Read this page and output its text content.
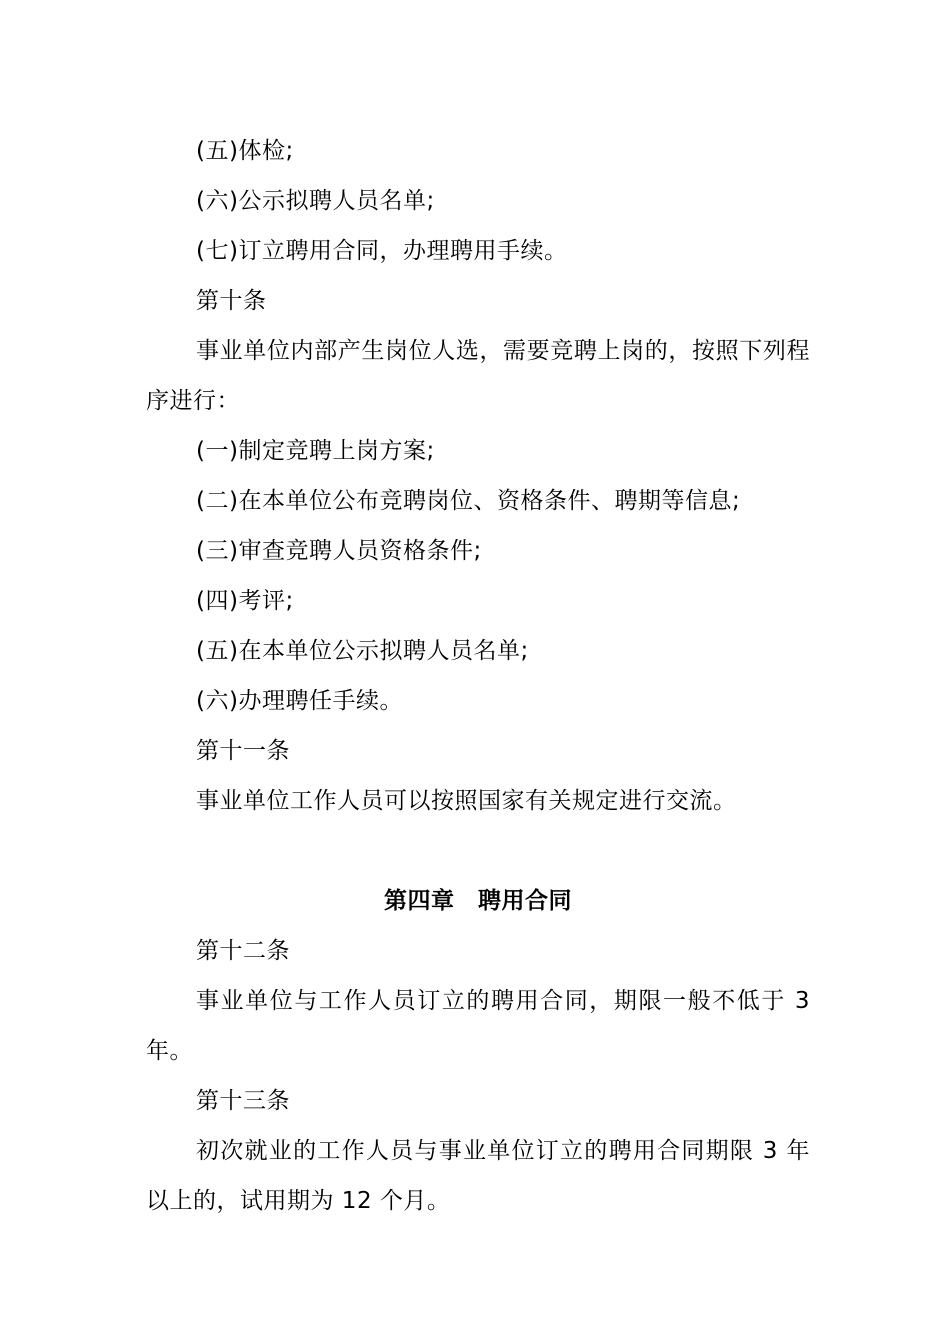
(五)体检;

(六)公示拟聘人员名单;

(七)订立聘用合同，办理聘用手续。

第十条

事业单位内部产生岗位人选，需要竞聘上岗的，按照下列程序进行：

(一)制定竞聘上岗方案;

(二)在本单位公布竞聘岗位、资格条件、聘期等信息;

(三)审查竞聘人员资格条件;

(四)考评;

(五)在本单位公示拟聘人员名单;

(六)办理聘任手续。

第十一条

事业单位工作人员可以按照国家有关规定进行交流。

第四章　聘用合同

第十二条

事业单位与工作人员订立的聘用合同，期限一般不低于 3 年。

第十三条

初次就业的工作人员与事业单位订立的聘用合同期限 3 年以上的，试用期为 12 个月。
